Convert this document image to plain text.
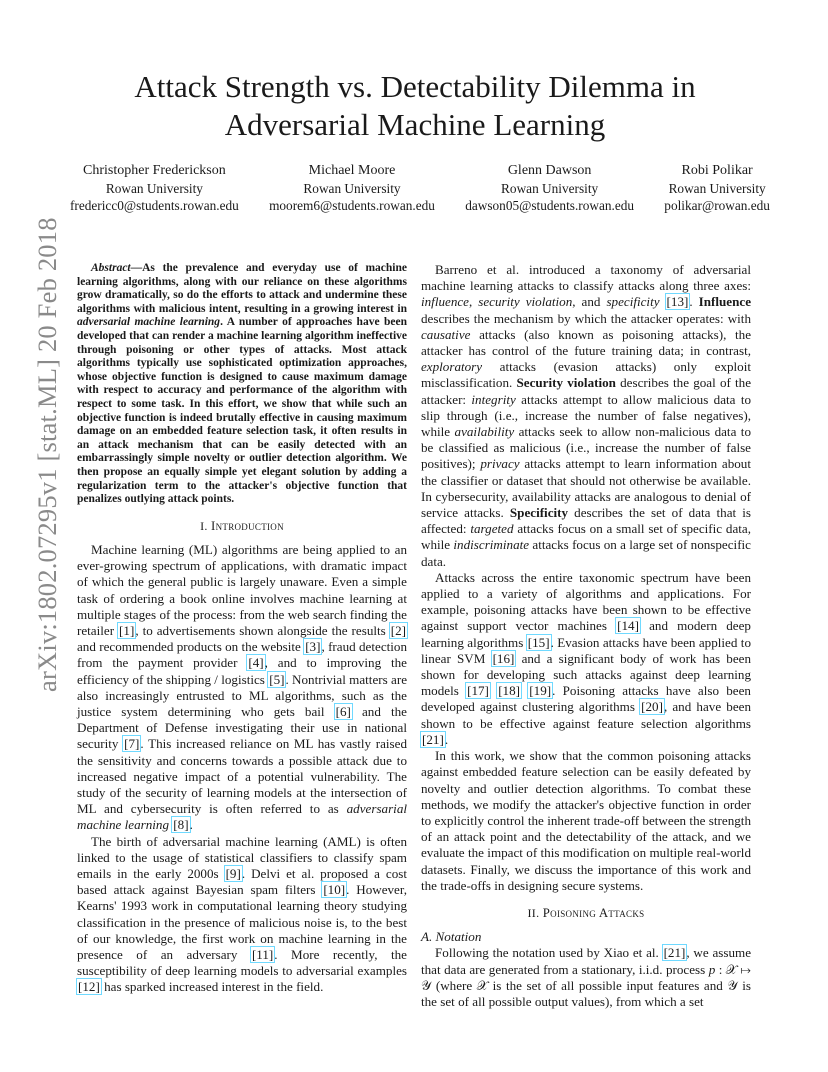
arXiv:1802.07295v1 [stat.ML] 20 Feb 2018
Attack Strength vs. Detectability Dilemma in Adversarial Machine Learning
Christopher Frederickson
Rowan University
fredericc0@students.rowan.edu
Michael Moore
Rowan University
moorem6@students.rowan.edu
Glenn Dawson
Rowan University
dawson05@students.rowan.edu
Robi Polikar
Rowan University
polikar@rowan.edu

Abstract—As the prevalence and everyday use of machine learning algorithms, along with our reliance on these algorithms grow dramatically, so do the efforts to attack and undermine these algorithms with malicious intent, resulting in a growing interest in adversarial machine learning. A number of approaches have been developed that can render a machine learning algorithm ineffective through poisoning or other types of attacks. Most attack algorithms typically use sophisticated optimization approaches, whose objective function is designed to cause maximum damage with respect to accuracy and performance of the algorithm with respect to some task. In this effort, we show that while such an objective function is indeed brutally effective in causing maximum damage on an embedded feature selection task, it often results in an attack mechanism that can be easily detected with an embarrassingly simple novelty or outlier detection algorithm. We then propose an equally simple yet elegant solution by adding a regularization term to the attacker's objective function that penalizes outlying attack points.

I. Introduction

Machine learning (ML) algorithms are being applied to an ever-growing spectrum of applications, with dramatic impact of which the general public is largely unaware. Even a simple task of ordering a book online involves machine learning at multiple stages of the process: from the web search finding the retailer [1], to advertisements shown alongside the results [2] and recommended products on the website [3], fraud detection from the payment provider [4], and to improving the efficiency of the shipping / logistics [5]. Nontrivial matters are also increasingly entrusted to ML algorithms, such as the justice system determining who gets bail [6] and the Department of Defense investigating their use in national security [7]. This increased reliance on ML has vastly raised the sensitivity and concerns towards a possible attack due to increased negative impact of a potential vulnerability. The study of the security of learning models at the intersection of ML and cybersecurity is often referred to as adversarial machine learning [8].

The birth of adversarial machine learning (AML) is often linked to the usage of statistical classifiers to classify spam emails in the early 2000s [9]. Delvi et al. proposed a cost based attack against Bayesian spam filters [10]. However, Kearns' 1993 work in computational learning theory studying classification in the presence of malicious noise is, to the best of our knowledge, the first work on machine learning in the presence of an adversary [11]. More recently, the susceptibility of deep learning models to adversarial examples [12] has sparked increased interest in the field.

Barreno et al. introduced a taxonomy of adversarial machine learning attacks to classify attacks along three axes: influence, security violation, and specificity [13]. Influence describes the mechanism by which the attacker operates: with causative attacks (also known as poisoning attacks), the attacker has control of the future training data; in contrast, exploratory attacks (evasion attacks) only exploit misclassification. Security violation describes the goal of the attacker: integrity attacks attempt to allow malicious data to slip through (i.e., increase the number of false negatives), while availability attacks seek to allow non-malicious data to be classified as malicious (i.e., increase the number of false positives); privacy attacks attempt to learn information about the classifier or dataset that should not otherwise be available. In cybersecurity, availability attacks are analogous to denial of service attacks. Specificity describes the set of data that is affected: targeted attacks focus on a small set of specific data, while indiscriminate attacks focus on a large set of nonspecific data.

Attacks across the entire taxonomic spectrum have been applied to a variety of algorithms and applications. For example, poisoning attacks have been shown to be effective against support vector machines [14] and modern deep learning algorithms [15]. Evasion attacks have been applied to linear SVM [16] and a significant body of work has been shown for developing such attacks against deep learning models [17] [18] [19]. Poisoning attacks have also been developed against clustering algorithms [20], and have been shown to be effective against feature selection algorithms [21].

In this work, we show that the common poisoning attacks against embedded feature selection can be easily defeated by novelty and outlier detection algorithms. To combat these methods, we modify the attacker's objective function in order to explicitly control the inherent trade-off between the strength of an attack point and the detectability of the attack, and we evaluate the impact of this modification on multiple real-world datasets. Finally, we discuss the importance of this work and the trade-offs in designing secure systems.

II. Poisoning Attacks

A. Notation

Following the notation used by Xiao et al. [21], we assume that data are generated from a stationary, i.i.d. process p : 𝒳 ↦ 𝒴 (where 𝒳 is the set of all possible input features and 𝒴 is the set of all possible output values), from which a set
